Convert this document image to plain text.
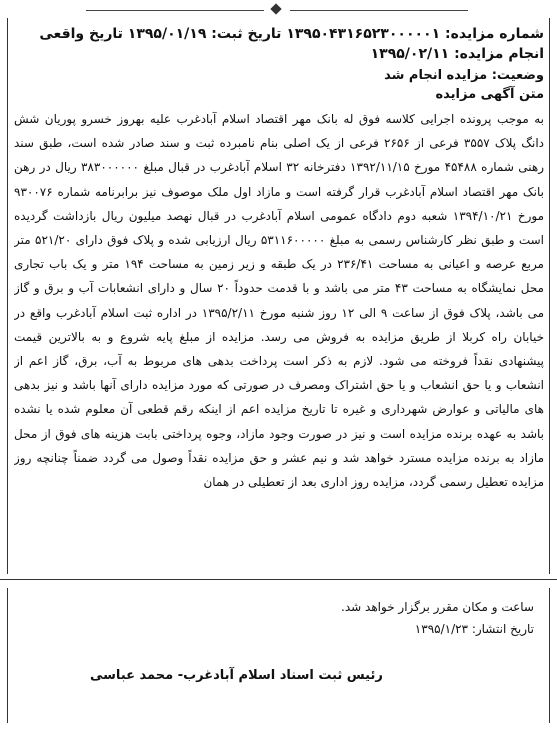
شماره مزایده: ۱۳۹۵۰۴۳۱۶۵۲۳۰۰۰۰۰۱ تاریخ ثبت: ۱۳۹۵/۰۱/۱۹ تاریخ واقعی

انجام مزایده: ۱۳۹۵/۰۲/۱۱

وضعیت: مزایده انجام شد

متن آگهی مزایده

به موجب پرونده اجرایی کلاسه فوق له بانک مهر اقتصاد اسلام آبادغرب علیه بهروز خسرو پوریان شش دانگ پلاک ۳۵۵۷ فرعی از ۲۶۵۶ فرعی از یک اصلی بنام نامبرده ثبت و سند صادر شده است، طبق سند رهنی شماره ۴۵۴۸۸ مورخ ۱۳۹۲/۱۱/۱۵ دفترخانه ۳۲ اسلام آبادغرب در قبال مبلغ ۳۸۳۰۰۰۰۰۰ ریال در رهن بانک مهر اقتصاد اسلام آبادغرب قرار گرفته است و مازاد اول ملک موصوف نیز برابرنامه شماره ۹۳۰۰۷۶ مورخ ۱۳۹۴/۱۰/۲۱ شعبه دوم دادگاه عمومی اسلام آبادغرب در قبال نهصد میلیون ریال بازداشت گردیده است و طبق نظر کارشناس رسمی به مبلغ ۵۳۱۱۶۰۰۰۰۰ ریال ارزیابی شده و پلاک فوق دارای ۵۲۱/۲۰ متر مربع عرصه و اعیانی به مساحت ۲۳۶/۴۱ در یک طبقه و زیر زمین به مساحت ۱۹۴ متر و یک باب تجاری محل نمایشگاه به مساحت ۴۳ متر می باشد و با قدمت حدوداً ۲۰ سال و دارای انشعابات آب و برق و گاز می باشد، پلاک فوق از ساعت ۹ الی ۱۲ روز شنبه مورخ ۱۳۹۵/۲/۱۱ در اداره ثبت اسلام آبادغرب واقع در خیابان راه کربلا از طریق مزایده به فروش می رسد. مزایده از مبلغ پایه شروع و به بالاترین قیمت پیشنهادی نقداً فروخته می شود. لازم به ذکر است پرداخت بدهی های مربوط به آب، برق، گاز اعم از انشعاب و یا حق انشعاب و یا حق اشتراک ومصرف در صورتی که مورد مزایده دارای آنها باشد و نیز بدهی های مالیاتی و عوارض شهرداری و غیره تا تاریخ مزایده اعم از اینکه رقم قطعی آن معلوم شده یا نشده باشد به عهده برنده مزایده است و نیز در صورت وجود مازاد، وجوه پرداختی بابت هزینه های فوق از محل مازاد به برنده مزایده مسترد خواهد شد و نیم عشر و حق مزایده نقداً وصول می گردد ضمناً چنانچه روز مزایده تعطیل رسمی گردد، مزایده روز اداری بعد از تعطیلی در همان

ساعت و مکان مقرر برگزار خواهد شد.

تاریخ انتشار: ۱۳۹۵/۱/۲۳

رئیس ثبت اسناد اسلام آبادغرب- محمد عباسی
